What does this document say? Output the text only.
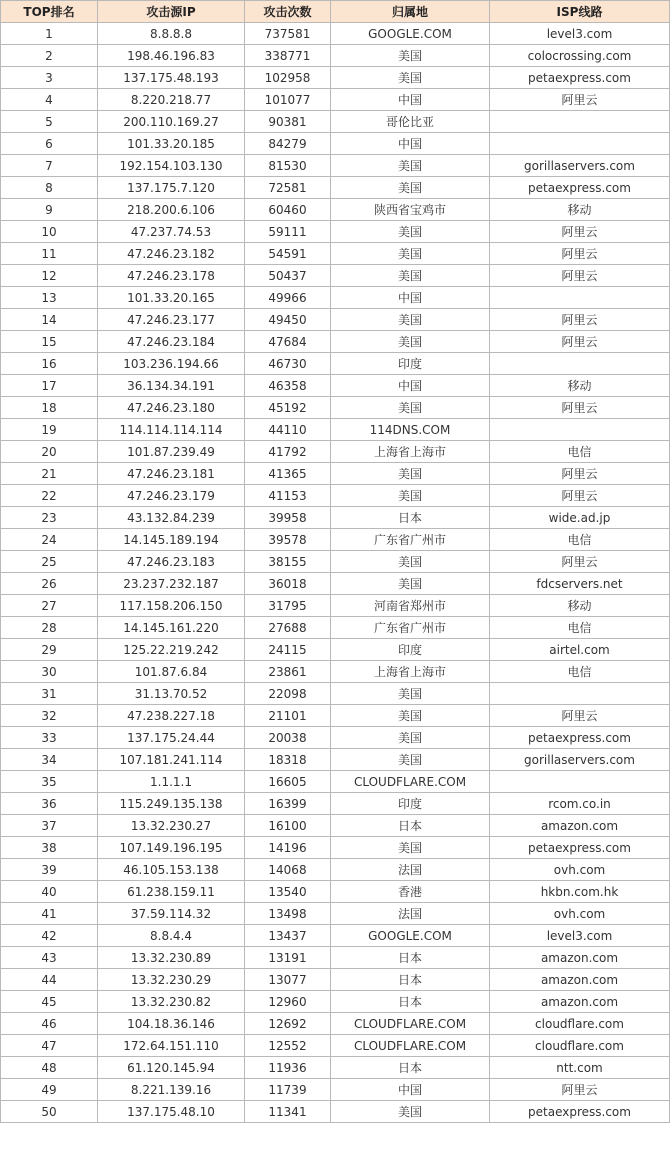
TOP排名	攻击源IP	攻击次数	归属地	ISP线路
1	8.8.8.8	737581	GOOGLE.COM	level3.com
2	198.46.196.83	338771	美国	colocrossing.com
3	137.175.48.193	102958	美国	petaexpress.com
4	8.220.218.77	101077	中国	阿里云
5	200.110.169.27	90381	哥伦比亚	
6	101.33.20.185	84279	中国	
7	192.154.103.130	81530	美国	gorillaservers.com
8	137.175.7.120	72581	美国	petaexpress.com
9	218.200.6.106	60460	陕西省宝鸡市	移动
10	47.237.74.53	59111	美国	阿里云
11	47.246.23.182	54591	美国	阿里云
12	47.246.23.178	50437	美国	阿里云
13	101.33.20.165	49966	中国	
14	47.246.23.177	49450	美国	阿里云
15	47.246.23.184	47684	美国	阿里云
16	103.236.194.66	46730	印度	
17	36.134.34.191	46358	中国	移动
18	47.246.23.180	45192	美国	阿里云
19	114.114.114.114	44110	114DNS.COM	
20	101.87.239.49	41792	上海省上海市	电信
21	47.246.23.181	41365	美国	阿里云
22	47.246.23.179	41153	美国	阿里云
23	43.132.84.239	39958	日本	wide.ad.jp
24	14.145.189.194	39578	广东省广州市	电信
25	47.246.23.183	38155	美国	阿里云
26	23.237.232.187	36018	美国	fdcservers.net
27	117.158.206.150	31795	河南省郑州市	移动
28	14.145.161.220	27688	广东省广州市	电信
29	125.22.219.242	24115	印度	airtel.com
30	101.87.6.84	23861	上海省上海市	电信
31	31.13.70.52	22098	美国	
32	47.238.227.18	21101	美国	阿里云
33	137.175.24.44	20038	美国	petaexpress.com
34	107.181.241.114	18318	美国	gorillaservers.com
35	1.1.1.1	16605	CLOUDFLARE.COM	
36	115.249.135.138	16399	印度	rcom.co.in
37	13.32.230.27	16100	日本	amazon.com
38	107.149.196.195	14196	美国	petaexpress.com
39	46.105.153.138	14068	法国	ovh.com
40	61.238.159.11	13540	香港	hkbn.com.hk
41	37.59.114.32	13498	法国	ovh.com
42	8.8.4.4	13437	GOOGLE.COM	level3.com
43	13.32.230.89	13191	日本	amazon.com
44	13.32.230.29	13077	日本	amazon.com
45	13.32.230.82	12960	日本	amazon.com
46	104.18.36.146	12692	CLOUDFLARE.COM	cloudflare.com
47	172.64.151.110	12552	CLOUDFLARE.COM	cloudflare.com
48	61.120.145.94	11936	日本	ntt.com
49	8.221.139.16	11739	中国	阿里云
50	137.175.48.10	11341	美国	petaexpress.com
